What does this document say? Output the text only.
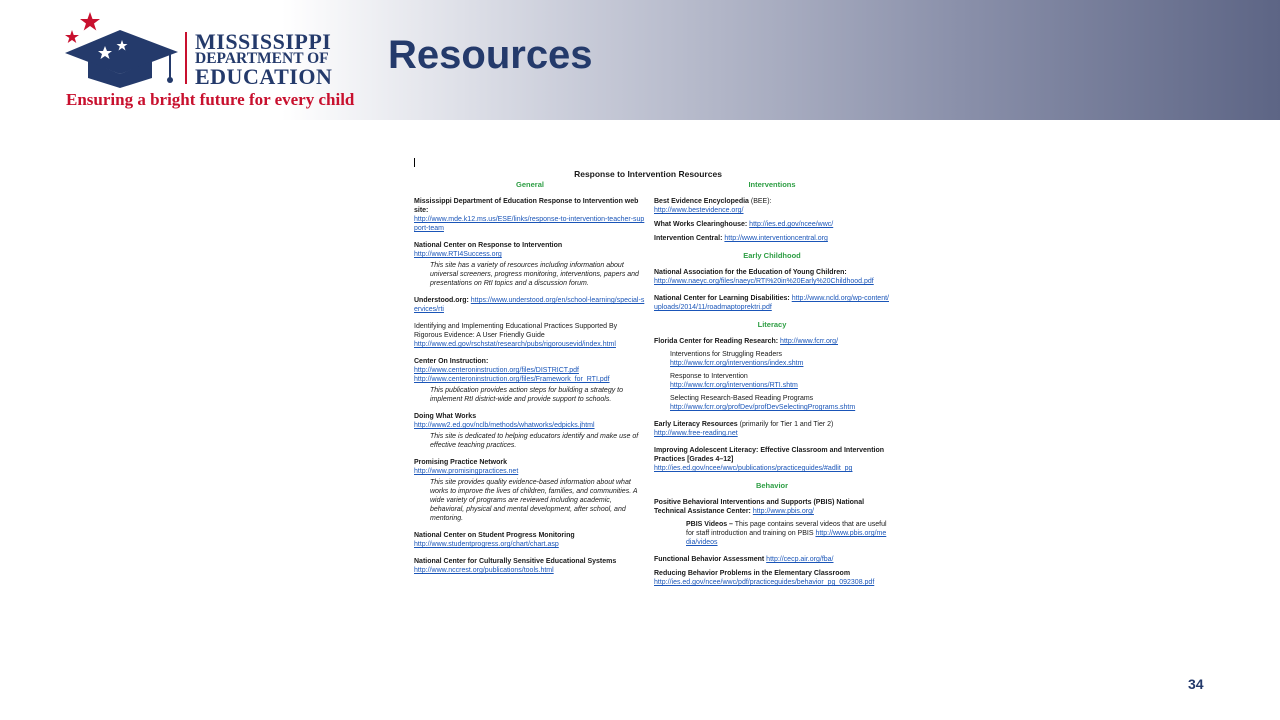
MISSISSIPPI
DEPARTMENT OF
EDUCATION
Ensuring a bright future for every child
Resources
Response to Intervention Resources
General
Mississippi Department of Education Response to Intervention web site:
http://www.mde.k12.ms.us/ESE/links/response-to-intervention-teacher-support-team
National Center on Response to Intervention
http://www.RTI4Success.org
This site has a variety of resources including information about universal screeners, progress monitoring, interventions, papers and presentations on RtI topics and a discussion forum.
Understood.org: https://www.understood.org/en/school-learning/special-services/rti
Identifying and Implementing Educational Practices Supported By Rigorous Evidence: A User Friendly Guide
http://www.ed.gov/rschstat/research/pubs/rigorousevid/index.html
Center On Instruction:
http://www.centeroninstruction.org/files/DISTRICT.pdf
http://www.centeroninstruction.org/files/Framework_for_RTI.pdf
This publication provides action steps for building a strategy to implement RtI district-wide and provide support to schools.
Doing What Works
http://www2.ed.gov/nclb/methods/whatworks/edpicks.jhtml
This site is dedicated to helping educators identify and make use of effective teaching practices.
Promising Practice Network
http://www.promisingpractices.net
This site provides quality evidence-based information about what works to improve the lives of children, families, and communities. A wide variety of programs are reviewed including academic, behavioral, physical and mental development, after school, and mentoring.
National Center on Student Progress Monitoring
http://www.studentprogress.org/chart/chart.asp
National Center for Culturally Sensitive Educational Systems
http://www.nccrest.org/publications/tools.html
Interventions
Best Evidence Encyclopedia (BEE):
http://www.bestevidence.org/
What Works Clearinghouse: http://ies.ed.gov/ncee/wwc/
Intervention Central: http://www.interventioncentral.org
Early Childhood
National Association for the Education of Young Children:
http://www.naeyc.org/files/naeyc/RTI%20in%20Early%20Childhood.pdf
National Center for Learning Disabilities: http://www.ncld.org/wp-content/uploads/2014/11/roadmaptoprektri.pdf
Literacy
Florida Center for Reading Research: http://www.fcrr.org/
Interventions for Struggling Readers
http://www.fcrr.org/interventions/index.shtm
Response to Intervention
http://www.fcrr.org/interventions/RTI.shtm
Selecting Research-Based Reading Programs
http://www.fcrr.org/profDev/profDevSelectingPrograms.shtm
Early Literacy Resources (primarily for Tier 1 and Tier 2)
http://www.free-reading.net
Improving Adolescent Literacy: Effective Classroom and Intervention Practices [Grades 4–12]
http://ies.ed.gov/ncee/wwc/publications/practiceguides/#adlit_pg
Behavior
Positive Behavioral Interventions and Supports (PBIS) National Technical Assistance Center: http://www.pbis.org/
PBIS Videos – This page contains several videos that are useful for staff introduction and training on PBIS http://www.pbis.org/media/videos
Functional Behavior Assessment http://cecp.air.org/fba/
Reducing Behavior Problems in the Elementary Classroom
http://ies.ed.gov/ncee/wwc/pdf/practiceguides/behavior_pg_092308.pdf
34
